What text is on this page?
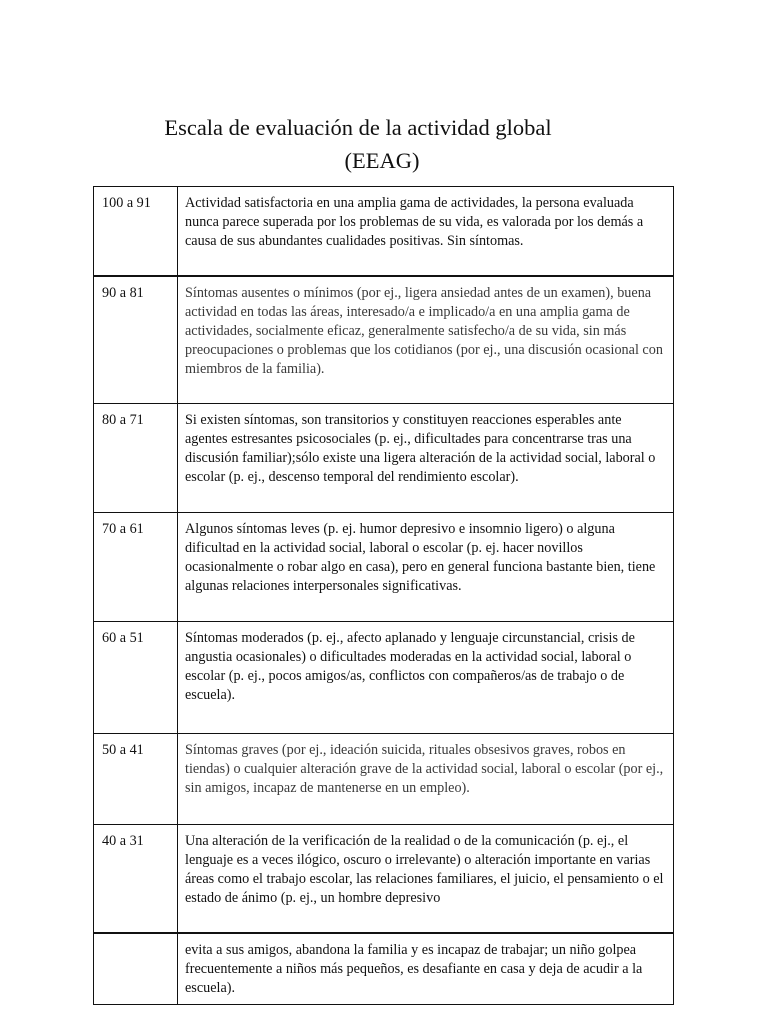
Escala de evaluación de la actividad global
(EEAG)
100 a 91	Actividad satisfactoria en una amplia gama de actividades, la persona evaluada nunca parece superada por los problemas de su vida, es valorada por los demás a causa de sus abundantes cualidades positivas. Sin síntomas.
90 a 81	Síntomas ausentes o mínimos (por ej., ligera ansiedad antes de un examen), buena actividad en todas las áreas, interesado/a e implicado/a en una amplia gama de actividades, socialmente eficaz, generalmente satisfecho/a de su vida, sin más preocupaciones o problemas que los cotidianos (por ej., una discusión ocasional con miembros de la familia).
80 a 71	Si existen síntomas, son transitorios y constituyen reacciones esperables ante agentes estresantes psicosociales (p. ej., dificultades para concentrarse tras una discusión familiar);sólo existe una ligera alteración de la actividad social, laboral o escolar (p. ej., descenso temporal del rendimiento escolar).
70 a 61	Algunos síntomas leves (p. ej. humor depresivo e insomnio ligero) o alguna dificultad en la actividad social, laboral o escolar (p. ej. hacer novillos ocasionalmente o robar algo en casa), pero en general funciona bastante bien, tiene algunas relaciones interpersonales significativas.
60 a 51	Síntomas moderados (p. ej., afecto aplanado y lenguaje circunstancial, crisis de angustia ocasionales) o dificultades moderadas en la actividad social, laboral o escolar (p. ej., pocos amigos/as, conflictos con compañeros/as de trabajo o de escuela).
50 a 41	Síntomas graves (por ej., ideación suicida, rituales obsesivos graves, robos en tiendas) o cualquier alteración grave de la actividad social, laboral o escolar (por ej., sin amigos, incapaz de mantenerse en un empleo).
40 a 31	Una alteración de la verificación de la realidad o de la comunicación (p. ej., el lenguaje es a veces ilógico, oscuro o irrelevante) o alteración importante en varias áreas como el trabajo escolar, las relaciones familiares, el juicio, el pensamiento o el estado de ánimo (p. ej., un hombre depresivo
	evita a sus amigos, abandona la familia y es incapaz de trabajar; un niño golpea frecuentemente a niños más pequeños, es desafiante en casa y deja de acudir a la escuela).
